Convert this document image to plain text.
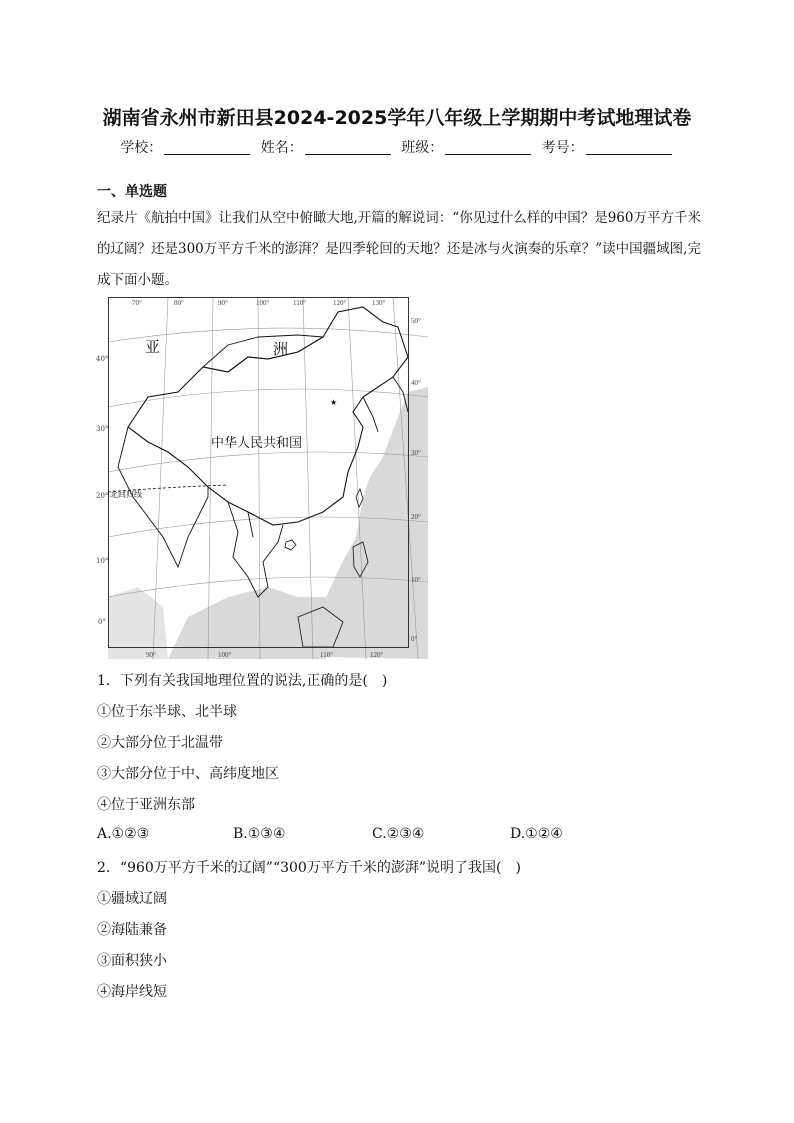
湖南省永州市新田县2024-2025学年八年级上学期期中考试地理试卷
学校：	姓名：	班级：	考号：
一、单选题
纪录片《航拍中国》让我们从空中俯瞰大地,开篇的解说词：“你见过什么样的中国？是960万平方千米的辽阔？还是300万平方千米的澎湃？是四季轮回的天地？还是冰与火演奏的乐章？”读中国疆域图,完成下面小题。
★
亚	洲
中华人民共和国
北回归线
70°	80°	90°	100°	110°	120°	130°
90°	100°	110°	120°
50°
40°
30°
20°
10°
0°
40°
30°
20°
10°
0°
1．下列有关我国地理位置的说法,正确的是(　)
①位于东半球、北半球
②大部分位于北温带
③大部分位于中、高纬度地区
④位于亚洲东部
A.①②③	B.①③④	C.②③④	D.①②④
2．“960万平方千米的辽阔”“300万平方千米的澎湃”说明了我国(　)
①疆域辽阔
②海陆兼备
③面积狭小
④海岸线短
